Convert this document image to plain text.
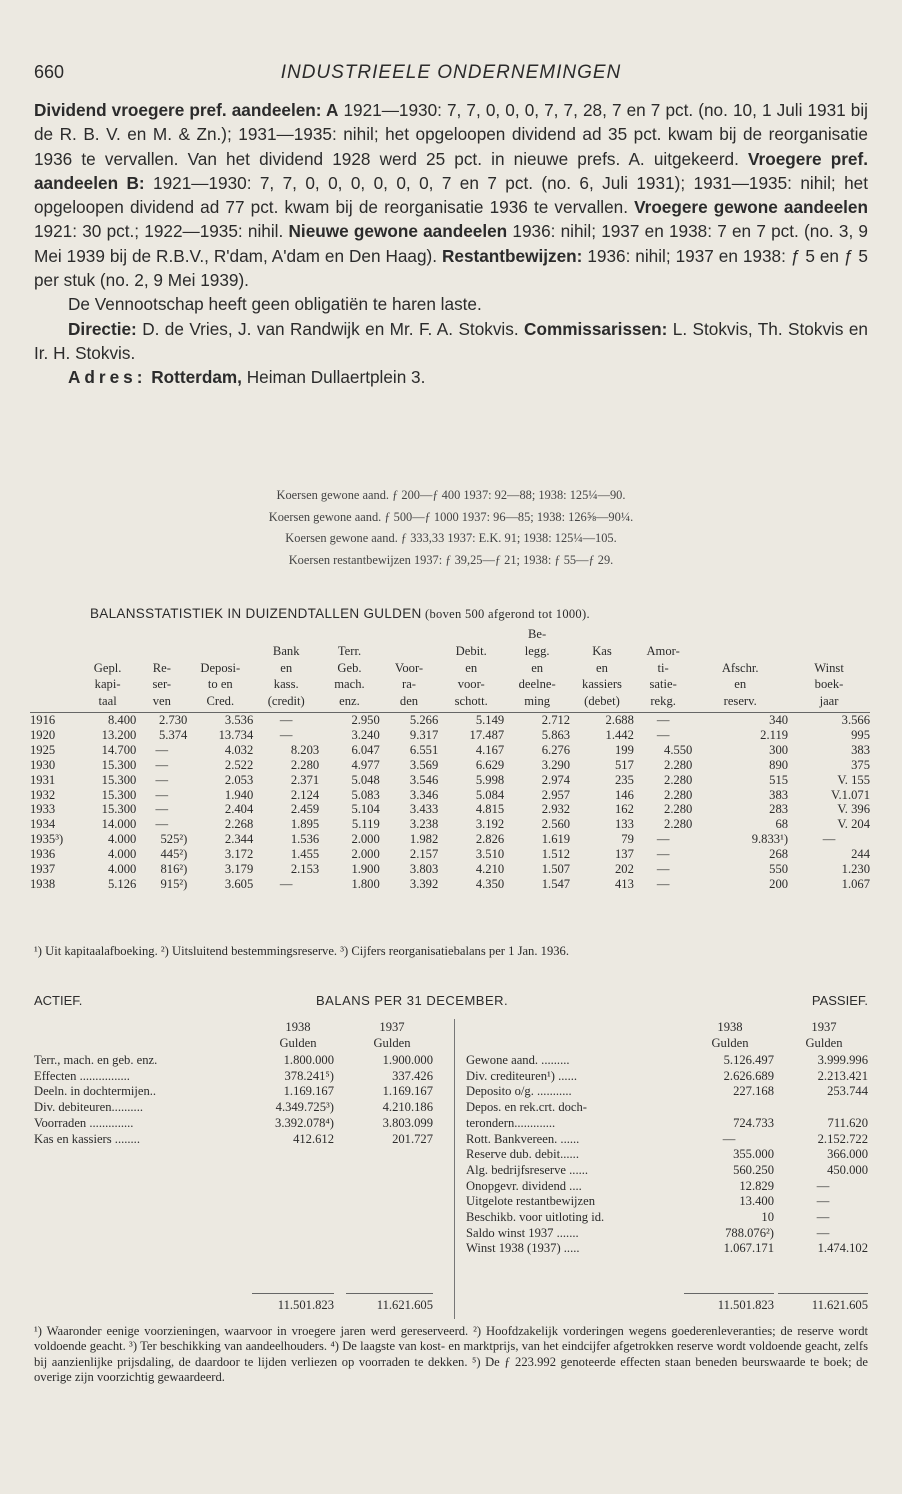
660	INDUSTRIEELE ONDERNEMINGEN

Dividend vroegere pref. aandeelen: A 1921—1930: 7, 7, 0, 0, 0, 7, 7, 28, 7 en 7 pct. (no. 10, 1 Juli 1931 bij de R. B. V. en M. & Zn.); 1931—1935: nihil; het opgeloopen dividend ad 35 pct. kwam bij de reorganisatie 1936 te vervallen. Van het dividend 1928 werd 25 pct. in nieuwe prefs. A. uitgekeerd. Vroegere pref. aandeelen B: 1921—1930: 7, 7, 0, 0, 0, 0, 0, 0, 7 en 7 pct. (no. 6, Juli 1931); 1931—1935: nihil; het opgeloopen dividend ad 77 pct. kwam bij de reorganisatie 1936 te vervallen. Vroegere gewone aandeelen 1921: 30 pct.; 1922—1935: nihil. Nieuwe gewone aandeelen 1936: nihil; 1937 en 1938: 7 en 7 pct. (no. 3, 9 Mei 1939 bij de R.B.V., R'dam, A'dam en Den Haag). Restantbewijzen: 1936: nihil; 1937 en 1938: ƒ 5 en ƒ 5 per stuk (no. 2, 9 Mei 1939).

De Vennootschap heeft geen obligatiën te haren laste.

Directie: D. de Vries, J. van Randwijk en Mr. F. A. Stokvis. Commissarissen: L. Stokvis, Th. Stokvis en Ir. H. Stokvis.

Adres: Rotterdam, Heiman Dullaertplein 3.

Koersen gewone aand. ƒ 200—ƒ 400 1937: 92—88; 1938: 125¼—90.
Koersen gewone aand. ƒ 500—ƒ 1000 1937: 96—85; 1938: 126⅝—90¼.
Koersen gewone aand. ƒ 333,33 1937: E.K. 91; 1938: 125¼—105.
Koersen restantbewijzen 1937: ƒ 39,25—ƒ 21; 1938: ƒ 55—ƒ 29.
BALANSSTATISTIEK IN DUIZENDTALLEN GULDEN (boven 500 afgerond tot 1000).
								Be-				
				Bank	Terr.		Debit.	legg.	Kas	Amor-		
	Gepl.	Re-	Deposi-	en	Geb.	Voor-	en	en	en	ti-	Afschr.	Winst
	kapi-	ser-	to en	kass.	mach.	ra-	voor-	deelne-	kassiers	satie-	en	boek-
	taal	ven	Cred.	(credit)	enz.	den	schott.	ming	(debet)	rekg.	reserv.	jaar
1916	8.400	2.730	3.536	—	2.950	5.266	5.149	2.712	2.688	—	340	3.566
1920	13.200	5.374	13.734	—	3.240	9.317	17.487	5.863	1.442	—	2.119	995
1925	14.700	—	4.032	8.203	6.047	6.551	4.167	6.276	199	4.550	300	383
1930	15.300	—	2.522	2.280	4.977	3.569	6.629	3.290	517	2.280	890	375
1931	15.300	—	2.053	2.371	5.048	3.546	5.998	2.974	235	2.280	515	V. 155
1932	15.300	—	1.940	2.124	5.083	3.346	5.084	2.957	146	2.280	383	V.1.071
1933	15.300	—	2.404	2.459	5.104	3.433	4.815	2.932	162	2.280	283	V. 396
1934	14.000	—	2.268	1.895	5.119	3.238	3.192	2.560	133	2.280	68	V. 204
1935³)	4.000	525²)	2.344	1.536	2.000	1.982	2.826	1.619	79	—	9.833¹)	—
1936	4.000	445²)	3.172	1.455	2.000	2.157	3.510	1.512	137	—	268	244
1937	4.000	816²)	3.179	2.153	1.900	3.803	4.210	1.507	202	—	550	1.230
1938	5.126	915²)	3.605	—	1.800	3.392	4.350	1.547	413	—	200	1.067
¹) Uit kapitaalafboeking. ²) Uitsluitend bestemmingsreserve. ³) Cijfers reorganisatiebalans per 1 Jan. 1936.
ACTIEF.	BALANS PER 31 DECEMBER.	PASSIEF.
1938
Gulden
1937
Gulden
1938
Gulden
1937
Gulden
Terr., mach. en geb. enz.	1.800.000	1.900.000
Effecten ................	378.241⁵)	337.426
Deeln. in dochtermijen..	1.169.167	1.169.167
Div. debiteuren..........	4.349.725³)	4.210.186
Voorraden ..............	3.392.078⁴)	3.803.099
Kas en kassiers ........	412.612	201.727
Gewone aand. .........	5.126.497	3.999.996
Div. crediteuren¹) ......	2.626.689	2.213.421
Deposito o/g. ...........	227.168	253.744
Depos. en rek.crt. doch-
terondern.............	724.733	711.620
Rott. Bankvereen. ......	—	2.152.722
Reserve dub. debit......	355.000	366.000
Alg. bedrijfsreserve ......	560.250	450.000
Onopgevr. dividend ....	12.829	—
Uitgelote restantbewijzen	13.400	—
Beschikb. voor uitloting id.	10	—
Saldo winst 1937 .......	788.076²)	—
Winst 1938 (1937) .....	1.067.171	1.474.102
11.501.823	11.621.605	11.501.823	11.621.605
¹) Waaronder eenige voorzieningen, waarvoor in vroegere jaren werd gereserveerd. ²) Hoofdzakelijk vorderingen wegens goederenleveranties; de reserve wordt voldoende geacht. ³) Ter beschikking van aandeelhouders. ⁴) De laagste van kost- en marktprijs, van het eindcijfer afgetrokken reserve wordt voldoende geacht, zelfs bij aanzienlijke prijsdaling, de daardoor te lijden verliezen op voorraden te dekken. ⁵) De ƒ 223.992 genoteerde effecten staan beneden beurswaarde te boek; de overige zijn voorzichtig gewaardeerd.
